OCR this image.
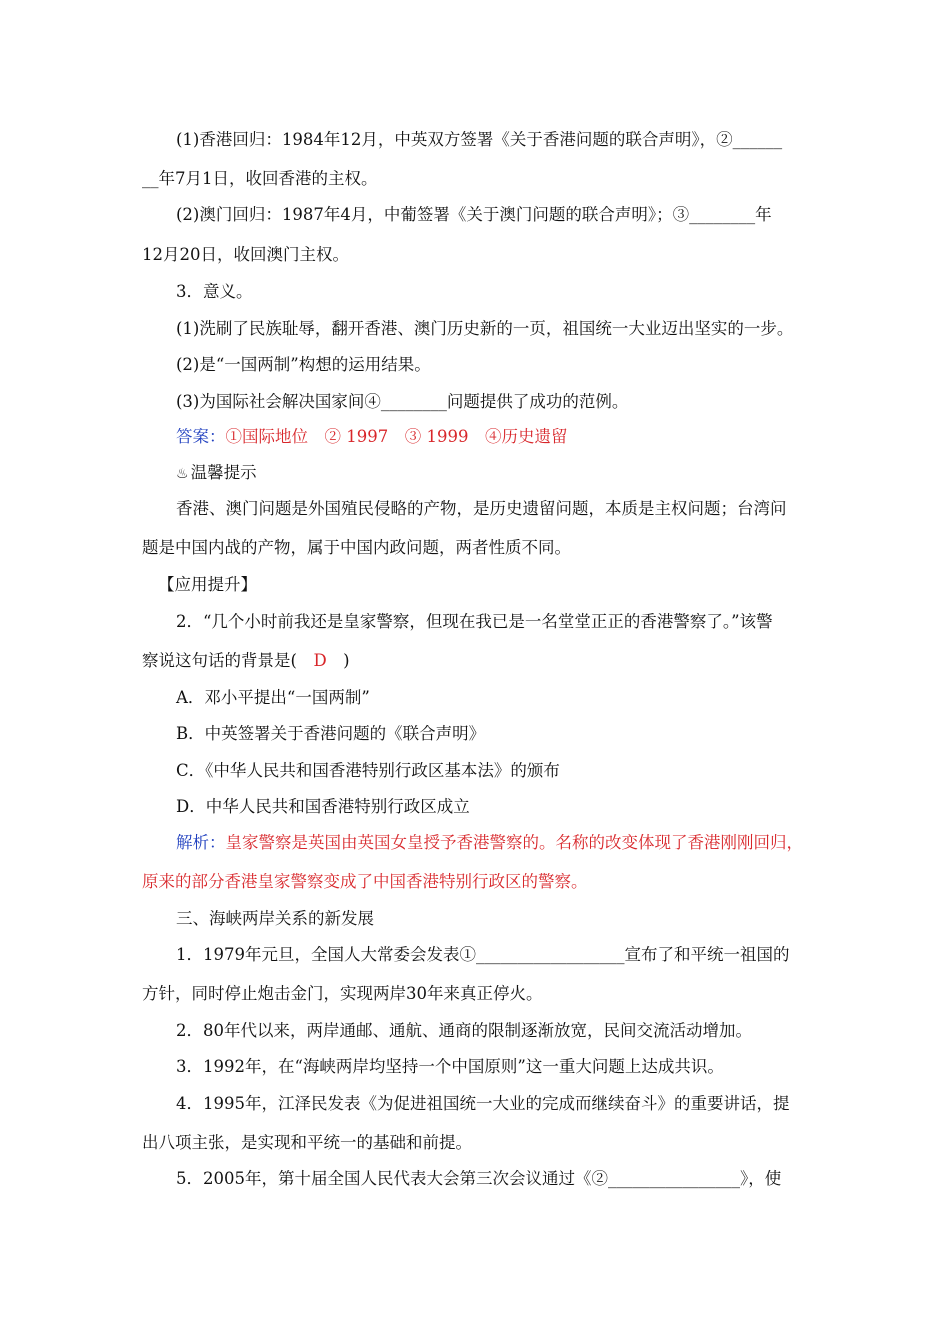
(1)香港回归：1984年12月，中英双方签署《关于香港问题的联合声明》，②______
__年7月1日，收回香港的主权。
(2)澳门回归：1987年4月，中葡签署《关于澳门问题的联合声明》；③________年
12月20日，收回澳门主权。
3．意义。
(1)洗刷了民族耻辱，翻开香港、澳门历史新的一页，祖国统一大业迈出坚实的一步。
(2)是“一国两制”构想的运用结果。
(3)为国际社会解决国家间④________问题提供了成功的范例。
答案：①国际地位　② 1997　③ 1999　④历史遗留
♨ 温馨提示
香港、澳门问题是外国殖民侵略的产物，是历史遗留问题，本质是主权问题；台湾问
题是中国内战的产物，属于中国内政问题，两者性质不同。
【应用提升】
2．“几个小时前我还是皇家警察，但现在我已是一名堂堂正正的香港警察了。”该警
察说这句话的背景是(　D　)
A．邓小平提出“一国两制”
B．中英签署关于香港问题的《联合声明》
C．《中华人民共和国香港特别行政区基本法》的颁布
D．中华人民共和国香港特别行政区成立
解析：皇家警察是英国由英国女皇授予香港警察的。名称的改变体现了香港刚刚回归，
原来的部分香港皇家警察变成了中国香港特别行政区的警察。
三、海峡两岸关系的新发展
1．1979年元旦，全国人大常委会发表①__________________宣布了和平统一祖国的
方针，同时停止炮击金门，实现两岸30年来真正停火。
2．80年代以来，两岸通邮、通航、通商的限制逐渐放宽，民间交流活动增加。
3．1992年，在“海峡两岸均坚持一个中国原则”这一重大问题上达成共识。
4．1995年，江泽民发表《为促进祖国统一大业的完成而继续奋斗》的重要讲话，提
出八项主张，是实现和平统一的基础和前提。
5．2005年，第十届全国人民代表大会第三次会议通过《②________________》，使
